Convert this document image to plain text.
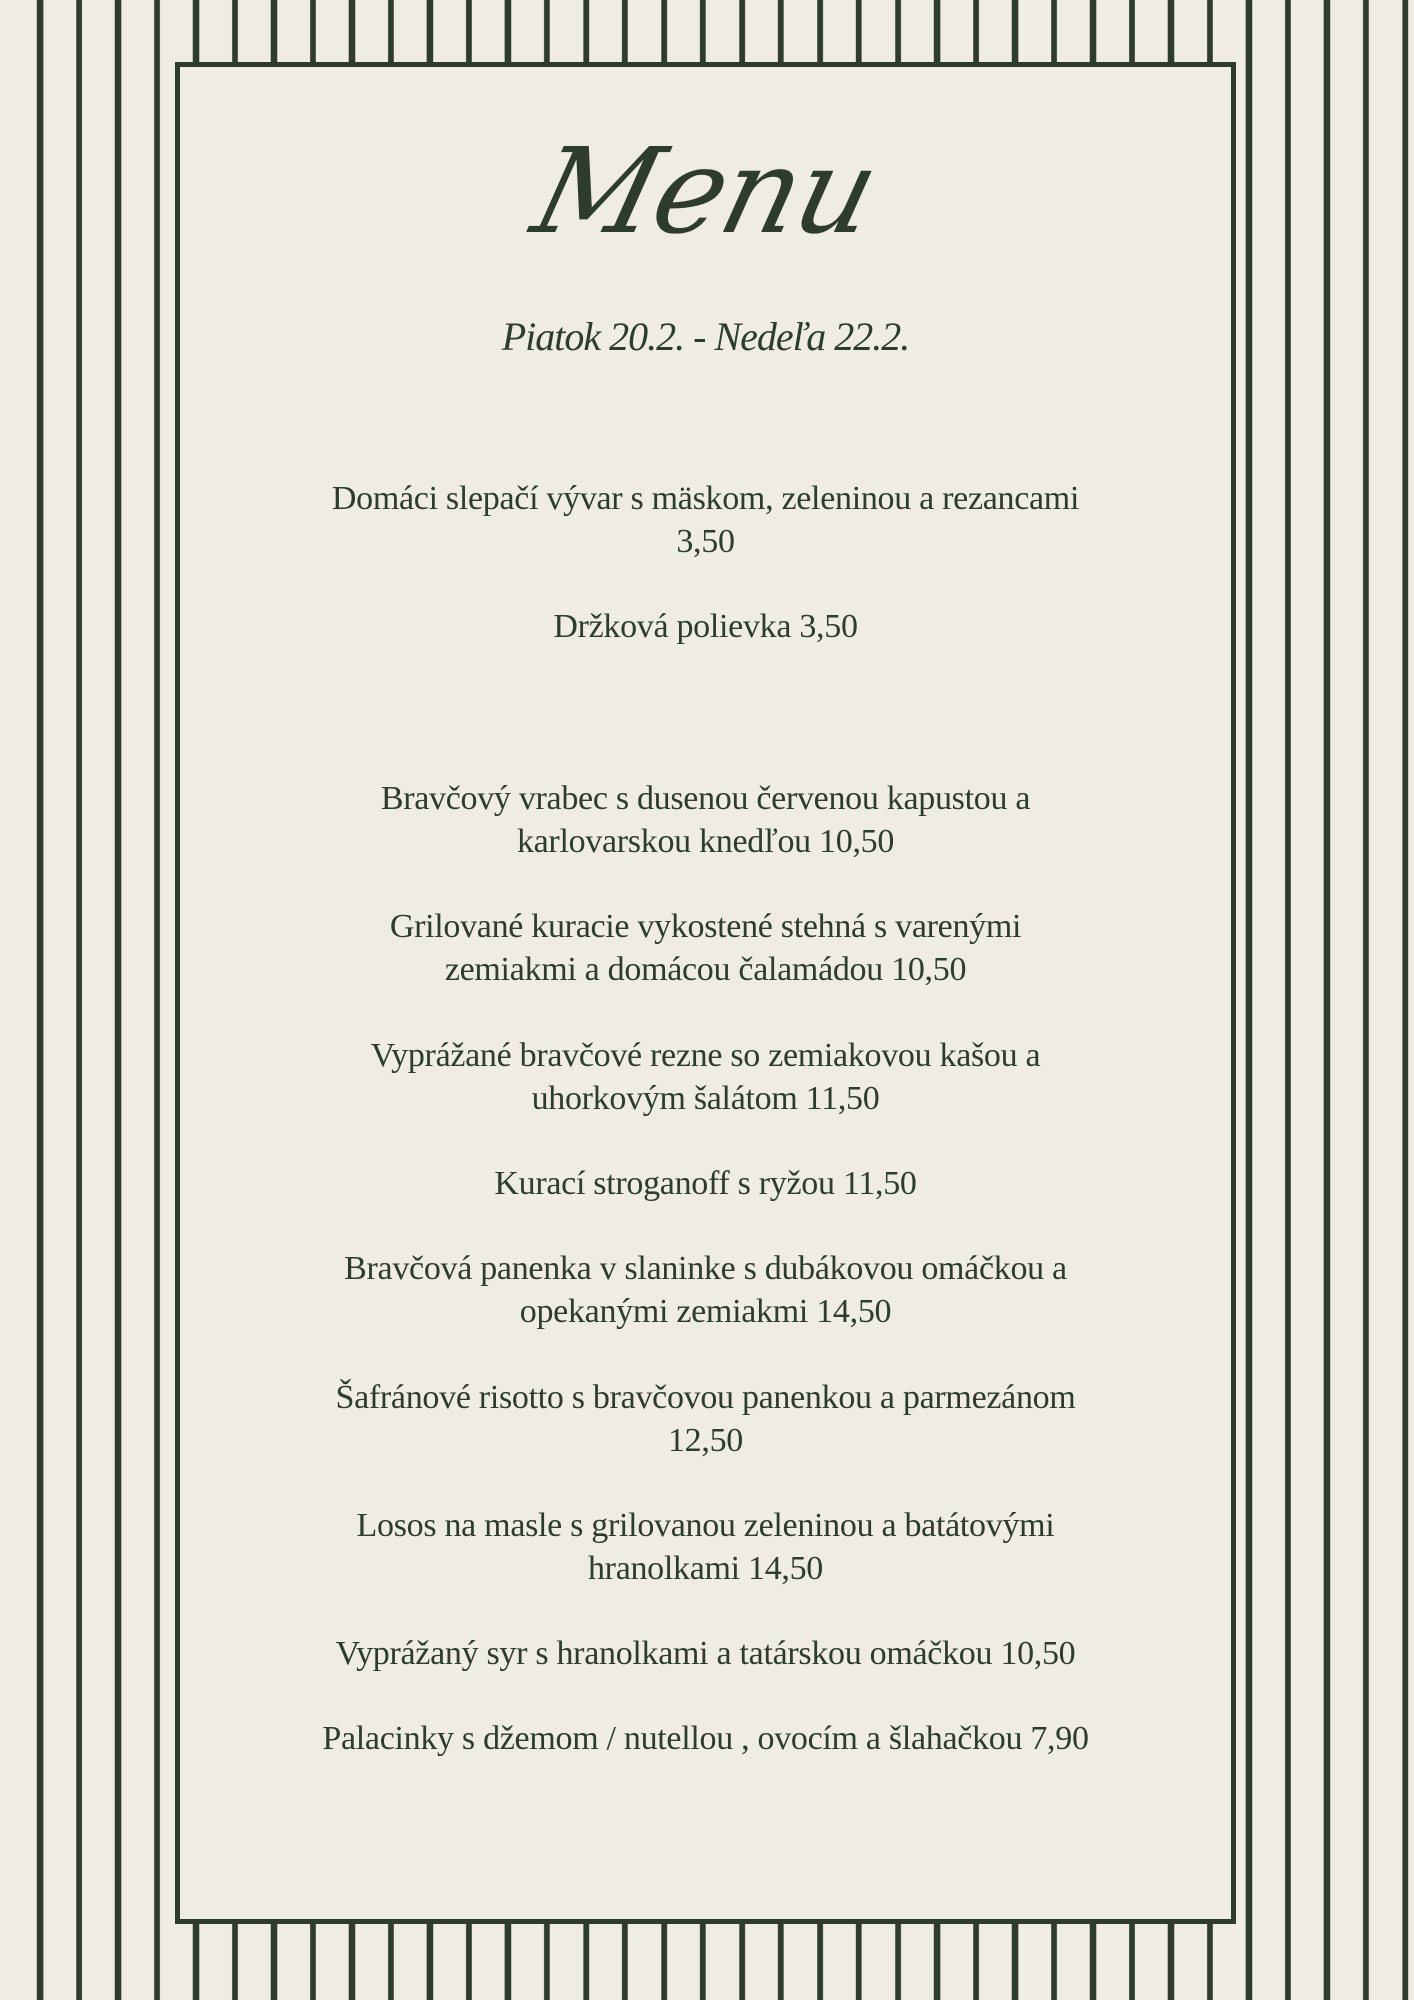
Menu
Piatok 20.2. - Nedeľa 22.2.
Domáci slepačí vývar s mäskom, zeleninou a rezancami
3,50
Držková polievka 3,50
Bravčový vrabec s dusenou červenou kapustou a
karlovarskou knedľou 10,50
Grilované kuracie vykostené stehná s varenými
zemiakmi a domácou čalamádou 10,50
Vyprážané bravčové rezne so zemiakovou kašou a
uhorkovým šalátom 11,50
Kurací stroganoff s ryžou 11,50
Bravčová panenka v slaninke s dubákovou omáčkou a
opekanými zemiakmi 14,50
Šafránové risotto s bravčovou panenkou a parmezánom
12,50
Losos na masle s grilovanou zeleninou a batátovými
hranolkami 14,50
Vyprážaný syr s hranolkami a tatárskou omáčkou 10,50
Palacinky s džemom / nutellou , ovocím a šlahačkou 7,90
